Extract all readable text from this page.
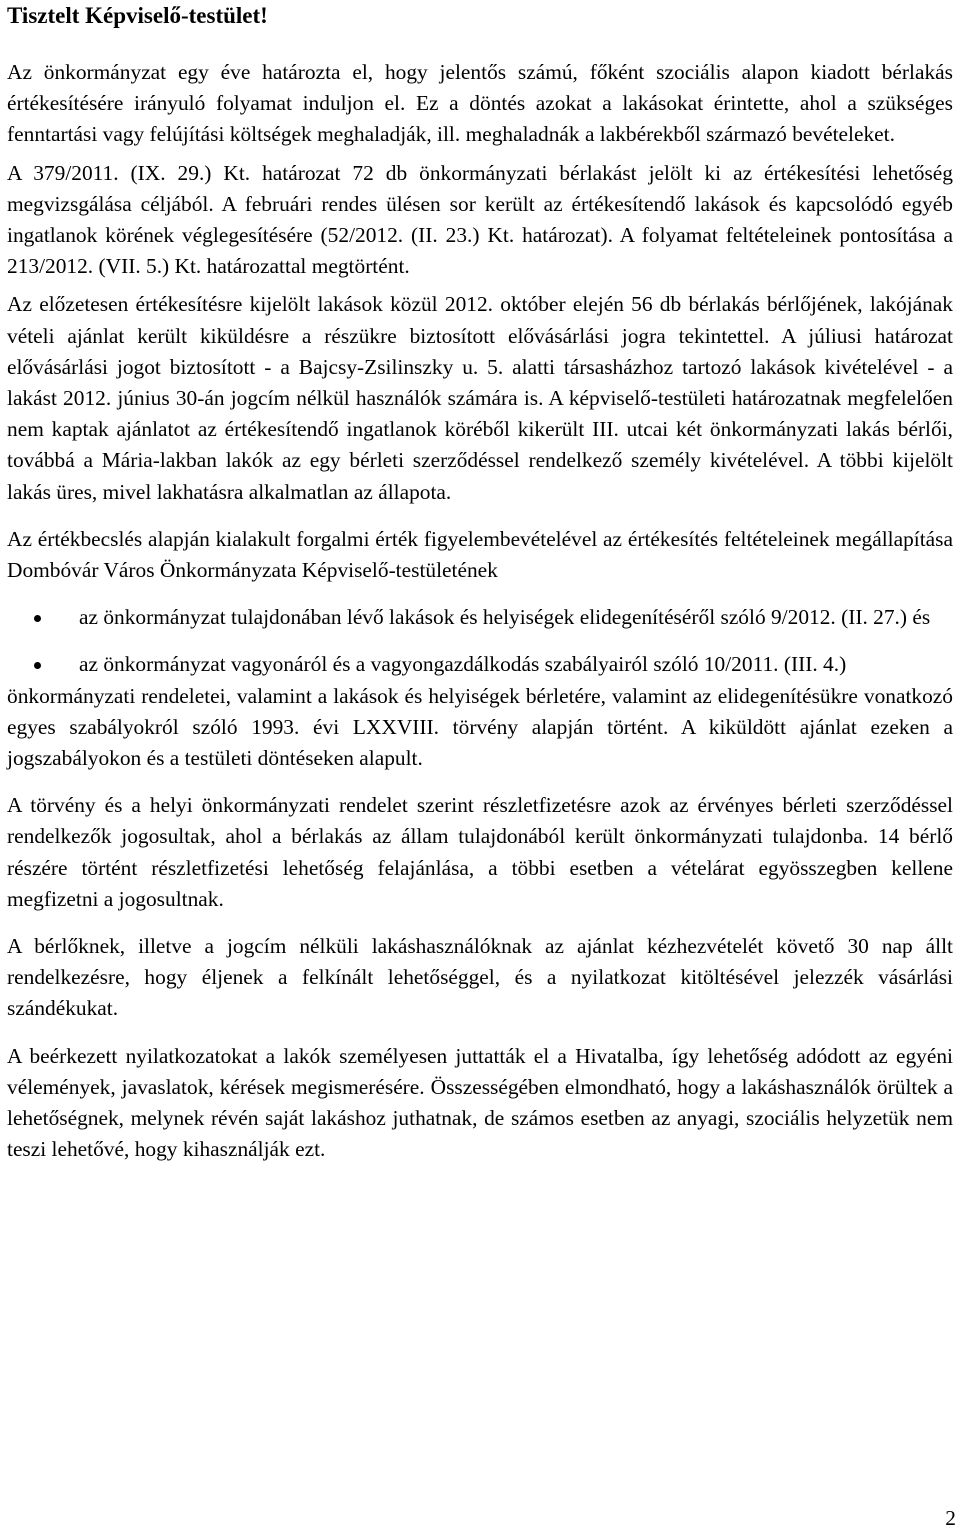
Tisztelt Képviselő-testület!

Az önkormányzat egy éve határozta el, hogy jelentős számú, főként szociális alapon kiadott bérlakás értékesítésére irányuló folyamat induljon el. Ez a döntés azokat a lakásokat érintette, ahol a szükséges fenntartási vagy felújítási költségek meghaladják, ill. meghaladnák a lakbérekből származó bevételeket.

A 379/2011. (IX. 29.) Kt. határozat 72 db önkormányzati bérlakást jelölt ki az értékesítési lehetőség megvizsgálása céljából. A februári rendes ülésen sor került az értékesítendő lakások és kapcsolódó egyéb ingatlanok körének véglegesítésére (52/2012. (II. 23.) Kt. határozat). A folyamat feltételeinek pontosítása a 213/2012. (VII. 5.) Kt. határozattal megtörtént.

Az előzetesen értékesítésre kijelölt lakások közül 2012. október elején 56 db bérlakás bérlőjének, lakójának vételi ajánlat került kiküldésre a részükre biztosított elővásárlási jogra tekintettel. A júliusi határozat elővásárlási jogot biztosított - a Bajcsy-Zsilinszky u. 5. alatti társasházhoz tartozó lakások kivételével - a lakást 2012. június 30-án jogcím nélkül használók számára is. A képviselő-testületi határozatnak megfelelően nem kaptak ajánlatot az értékesítendő ingatlanok köréből kikerült III. utcai két önkormányzati lakás bérlői, továbbá a Mária-lakban lakók az egy bérleti szerződéssel rendelkező személy kivételével. A többi kijelölt lakás üres, mivel lakhatásra alkalmatlan az állapota.

Az értékbecslés alapján kialakult forgalmi érték figyelembevételével az értékesítés feltételeinek megállapítása Dombóvár Város Önkormányzata Képviselő-testületének

az önkormányzat tulajdonában lévő lakások és helyiségek elidegenítéséről szóló 9/2012. (II. 27.) és
az önkormányzat vagyonáról és a vagyongazdálkodás szabályairól szóló 10/2011. (III. 4.)

önkormányzati rendeletei, valamint a lakások és helyiségek bérletére, valamint az elidegenítésükre vonatkozó egyes szabályokról szóló 1993. évi LXXVIII. törvény alapján történt. A kiküldött ajánlat ezeken a jogszabályokon és a testületi döntéseken alapult.

A törvény és a helyi önkormányzati rendelet szerint részletfizetésre azok az érvényes bérleti szerződéssel rendelkezők jogosultak, ahol a bérlakás az állam tulajdonából került önkormányzati tulajdonba. 14 bérlő részére történt részletfizetési lehetőség felajánlása, a többi esetben a vételárat egyösszegben kellene megfizetni a jogosultnak.

A bérlőknek, illetve a jogcím nélküli lakáshasználóknak az ajánlat kézhezvételét követő 30 nap állt rendelkezésre, hogy éljenek a felkínált lehetőséggel, és a nyilatkozat kitöltésével jelezzék vásárlási szándékukat.

A beérkezett nyilatkozatokat a lakók személyesen juttatták el a Hivatalba, így lehetőség adódott az egyéni vélemények, javaslatok, kérések megismerésére. Összességében elmondható, hogy a lakáshasználók örültek a lehetőségnek, melynek révén saját lakáshoz juthatnak, de számos esetben az anyagi, szociális helyzetük nem teszi lehetővé, hogy kihasználják ezt.

2
